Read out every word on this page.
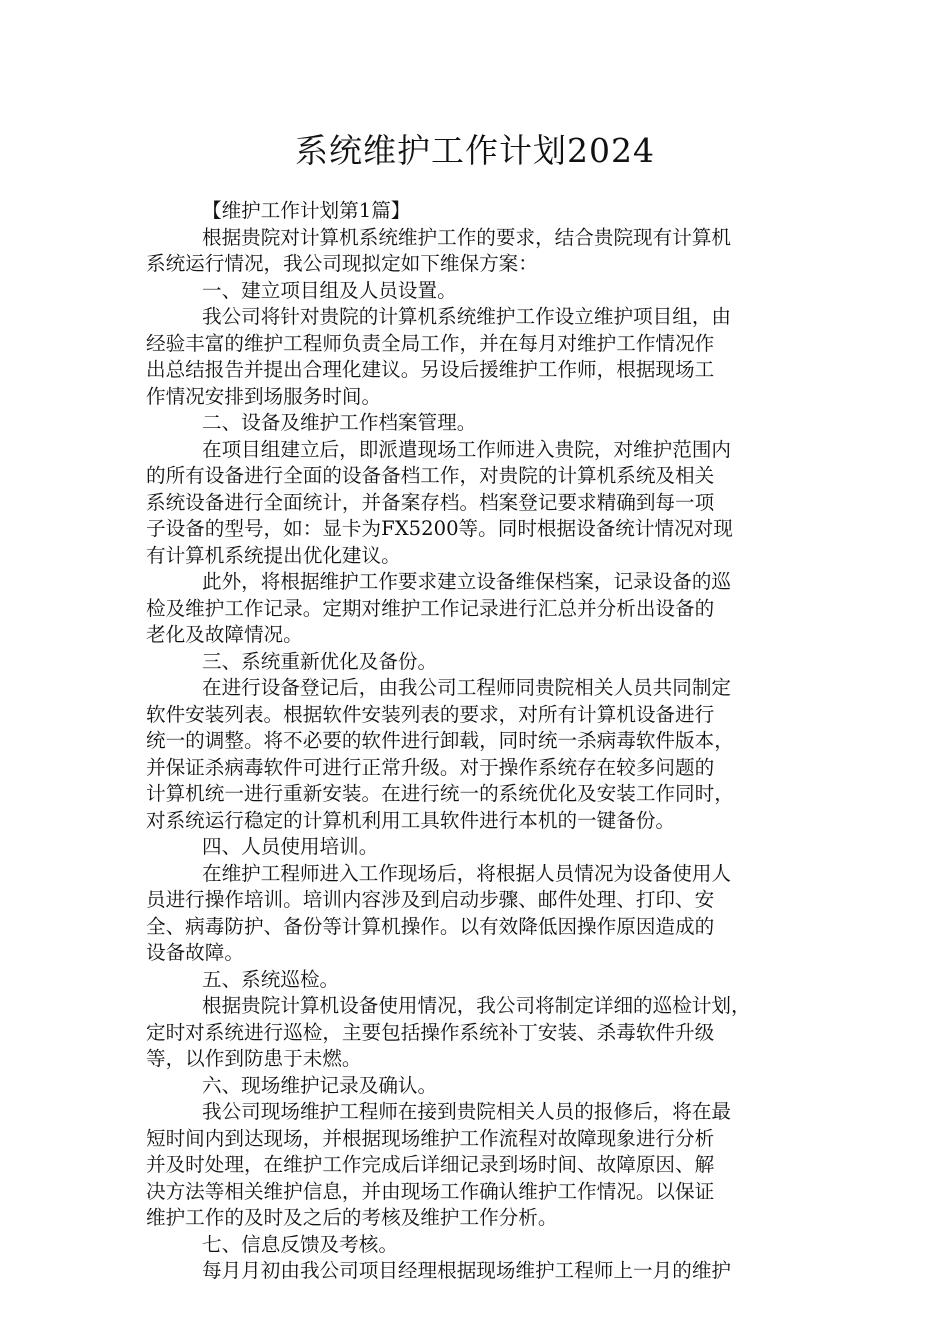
系统维护工作计划2024
【维护工作计划第1篇】
根据贵院对计算机系统维护工作的要求，结合贵院现有计算机
系统运行情况，我公司现拟定如下维保方案：
一、建立项目组及人员设置。
我公司将针对贵院的计算机系统维护工作设立维护项目组，由
经验丰富的维护工程师负责全局工作，并在每月对维护工作情况作
出总结报告并提出合理化建议。另设后援维护工作师，根据现场工
作情况安排到场服务时间。
二、设备及维护工作档案管理。
在项目组建立后，即派遣现场工作师进入贵院，对维护范围内
的所有设备进行全面的设备备档工作，对贵院的计算机系统及相关
系统设备进行全面统计，并备案存档。档案登记要求精确到每一项
子设备的型号，如：显卡为FX5200等。同时根据设备统计情况对现
有计算机系统提出优化建议。
此外，将根据维护工作要求建立设备维保档案，记录设备的巡
检及维护工作记录。定期对维护工作记录进行汇总并分析出设备的
老化及故障情况。
三、系统重新优化及备份。
在进行设备登记后，由我公司工程师同贵院相关人员共同制定
软件安装列表。根据软件安装列表的要求，对所有计算机设备进行
统一的调整。将不必要的软件进行卸载，同时统一杀病毒软件版本，
并保证杀病毒软件可进行正常升级。对于操作系统存在较多问题的
计算机统一进行重新安装。在进行统一的系统优化及安装工作同时，
对系统运行稳定的计算机利用工具软件进行本机的一键备份。
四、人员使用培训。
在维护工程师进入工作现场后，将根据人员情况为设备使用人
员进行操作培训。培训内容涉及到启动步骤、邮件处理、打印、安
全、病毒防护、备份等计算机操作。以有效降低因操作原因造成的
设备故障。
五、系统巡检。
根据贵院计算机设备使用情况，我公司将制定详细的巡检计划，
定时对系统进行巡检，主要包括操作系统补丁安装、杀毒软件升级
等，以作到防患于未燃。
六、现场维护记录及确认。
我公司现场维护工程师在接到贵院相关人员的报修后，将在最
短时间内到达现场，并根据现场维护工作流程对故障现象进行分析
并及时处理，在维护工作完成后详细记录到场时间、故障原因、解
决方法等相关维护信息，并由现场工作确认维护工作情况。以保证
维护工作的及时及之后的考核及维护工作分析。
七、信息反馈及考核。
每月月初由我公司项目经理根据现场维护工程师上一月的维护
